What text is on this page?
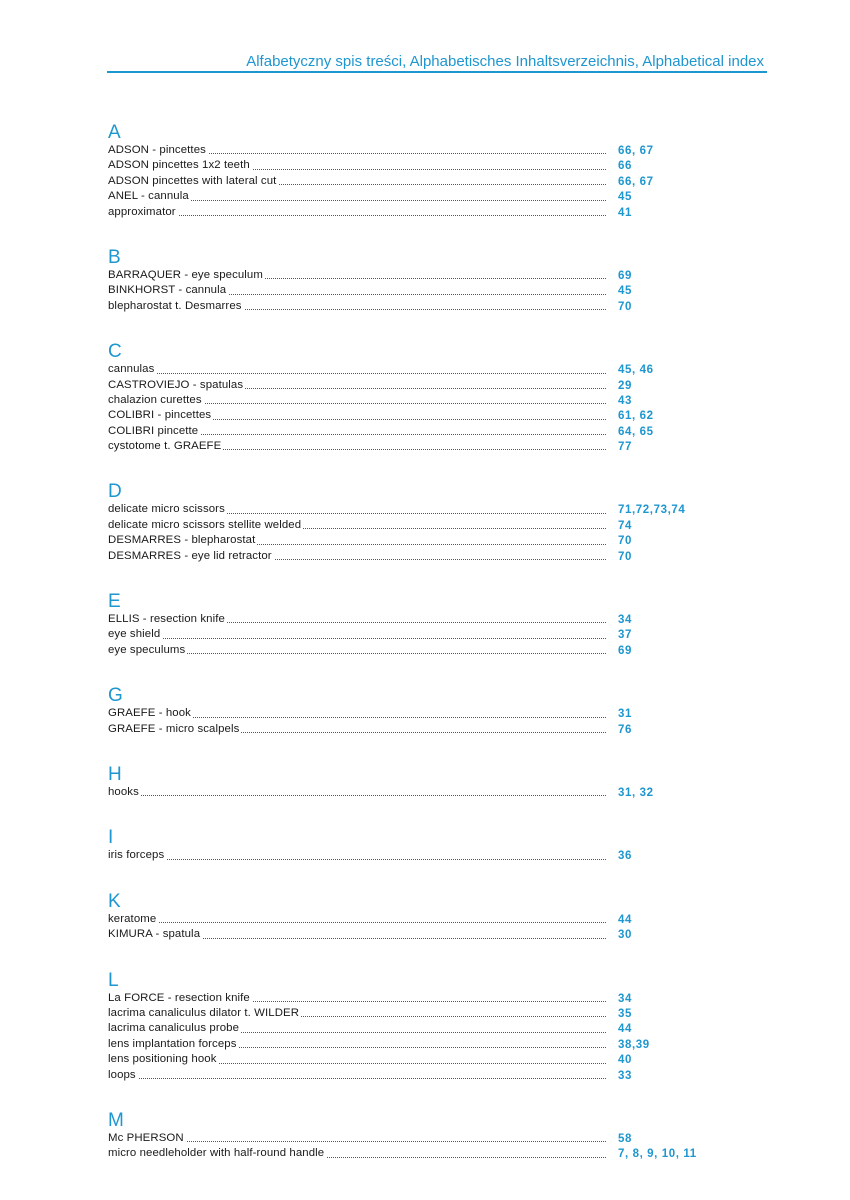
Alfabetyczny spis treści, Alphabetisches Inhaltsverzeichnis, Alphabetical index
A
ADSON - pincettes	66, 67
ADSON pincettes 1x2 teeth	66
ADSON pincettes with lateral cut	66, 67
ANEL - cannula	45
approximator	41
B
BARRAQUER - eye speculum	69
BINKHORST - cannula	45
blepharostat t. Desmarres	70
C
cannulas	45, 46
CASTROVIEJO - spatulas	29
chalazion curettes	43
COLIBRI - pincettes	61, 62
COLIBRI pincette	64, 65
cystotome t. GRAEFE	77
D
delicate micro scissors	71,72,73,74
delicate micro scissors stellite welded	74
DESMARRES - blepharostat	70
DESMARRES - eye lid retractor	70
E
ELLIS - resection knife	34
eye shield	37
eye speculums	69
G
GRAEFE - hook	31
GRAEFE - micro scalpels	76
H
hooks	31, 32
I
iris forceps	36
K
keratome	44
KIMURA - spatula	30
L
La FORCE - resection knife	34
lacrima canaliculus dilator t. WILDER	35
lacrima canaliculus probe	44
lens implantation forceps	38,39
lens positioning hook	40
loops	33
M
Mc PHERSON	58
micro needleholder with half-round handle	7, 8, 9, 10, 11
